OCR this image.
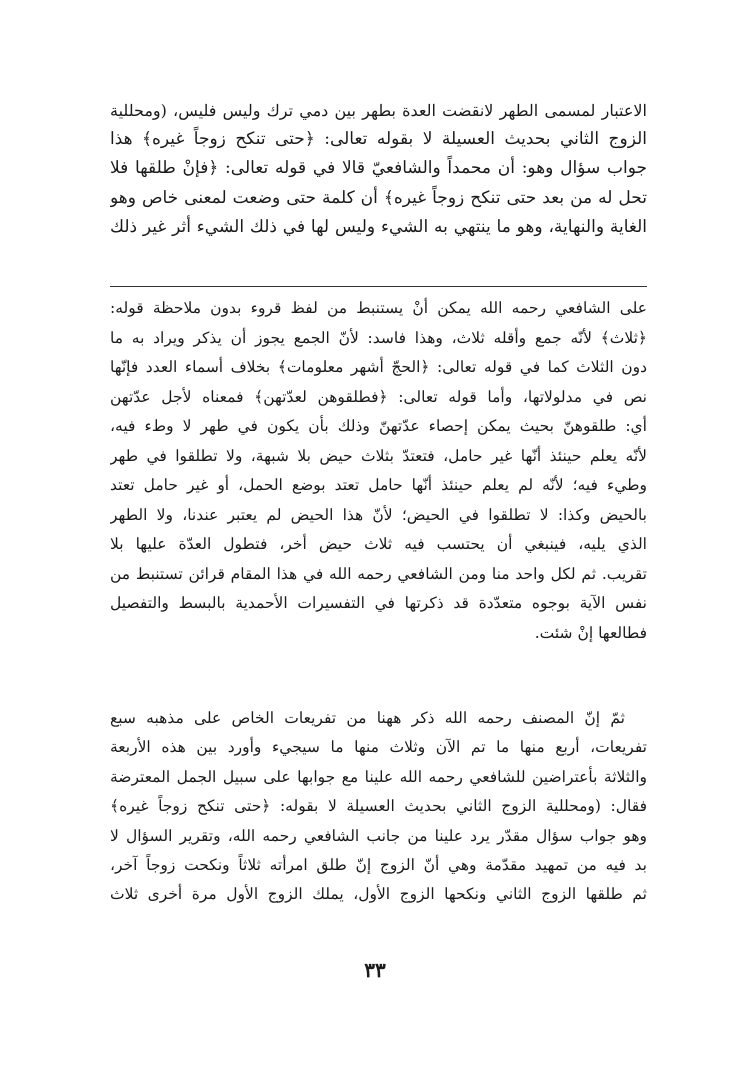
الاعتبار لمسمى الطهر لانقضت العدة بطهر بين دمي ترك وليس فليس، (ومحللية
الزوج الثاني بحديث العسيلة لا بقوله تعالى: ﴿حتى تنكح زوجاً غيره﴾ هذا
جواب سؤال وهو: أن محمداً والشافعيّ قالا في قوله تعالى: ﴿فإنْ طلقها فلا
تحل له من بعد حتى تنكح زوجاً غيره﴾ أن كلمة حتى وضعت لمعنى خاص وهو
الغاية والنهاية، وهو ما ينتهي به الشيء وليس لها في ذلك الشيء أثر غير ذلك
على الشافعي رحمه الله يمكن أنْ يستنبط من لفظ قروء بدون ملاحظة قوله:
﴿ثلاث﴾ لأنّه جمع وأقله ثلاث، وهذا فاسد: لأنّ الجمع يجوز أن يذكر ويراد به ما
دون الثلاث كما في قوله تعالى: ﴿الحجّ أشهر معلومات﴾ بخلاف أسماء العدد فإنّها
نص في مدلولاتها، وأما قوله تعالى: ﴿فطلقوهن لعدّتهن﴾ فمعناه لأجل عدّتهن
أي: طلقوهنّ بحيث يمكن إحصاء عدّتهنّ وذلك بأن يكون في طهر لا وطء فيه،
لأنّه يعلم حينئذ أنّها غير حامل، فتعتدّ بثلاث حيض بلا شبهة، ولا تطلقوا في طهر
وطيء فيه؛ لأنّه لم يعلم حينئذ أنّها حامل تعتد بوضع الحمل، أو غير حامل تعتد
بالحيض وكذا: لا تطلقوا في الحيض؛ لأنّ هذا الحيض لم يعتبر عندنا، ولا الطهر
الذي يليه، فينبغي أن يحتسب فيه ثلاث حيض أخر، فتطول العدّة عليها بلا
تقريب. ثم لكل واحد منا ومن الشافعي رحمه الله في هذا المقام قرائن تستنبط من
نفس الآية بوجوه متعدّدة قد ذكرتها في التفسيرات الأحمدية بالبسط والتفصيل
فطالعها إنْ شئت.
ثمّ إنّ المصنف رحمه الله ذكر ههنا من تفريعات الخاص على مذهبه سبع
تفريعات، أربع منها ما تم الآن وثلاث منها ما سيجيء وأورد بين هذه الأربعة
والثلاثة بأعتراضين للشافعي رحمه الله علينا مع جوابها على سبيل الجمل المعترضة
فقال: (ومحللية الزوج الثاني بحديث العسيلة لا بقوله: ﴿حتى تنكح زوجاً غيره﴾
وهو جواب سؤال مقدّر يرد علينا من جانب الشافعي رحمه الله، وتقرير السؤال لا
بد فيه من تمهيد مقدّمة وهي أنّ الزوج إنّ طلق امرأته ثلاثاً ونكحت زوجاً آخر،
ثم طلقها الزوج الثاني ونكحها الزوج الأول، يملك الزوج الأول مرة أخرى ثلاث
٣٣
